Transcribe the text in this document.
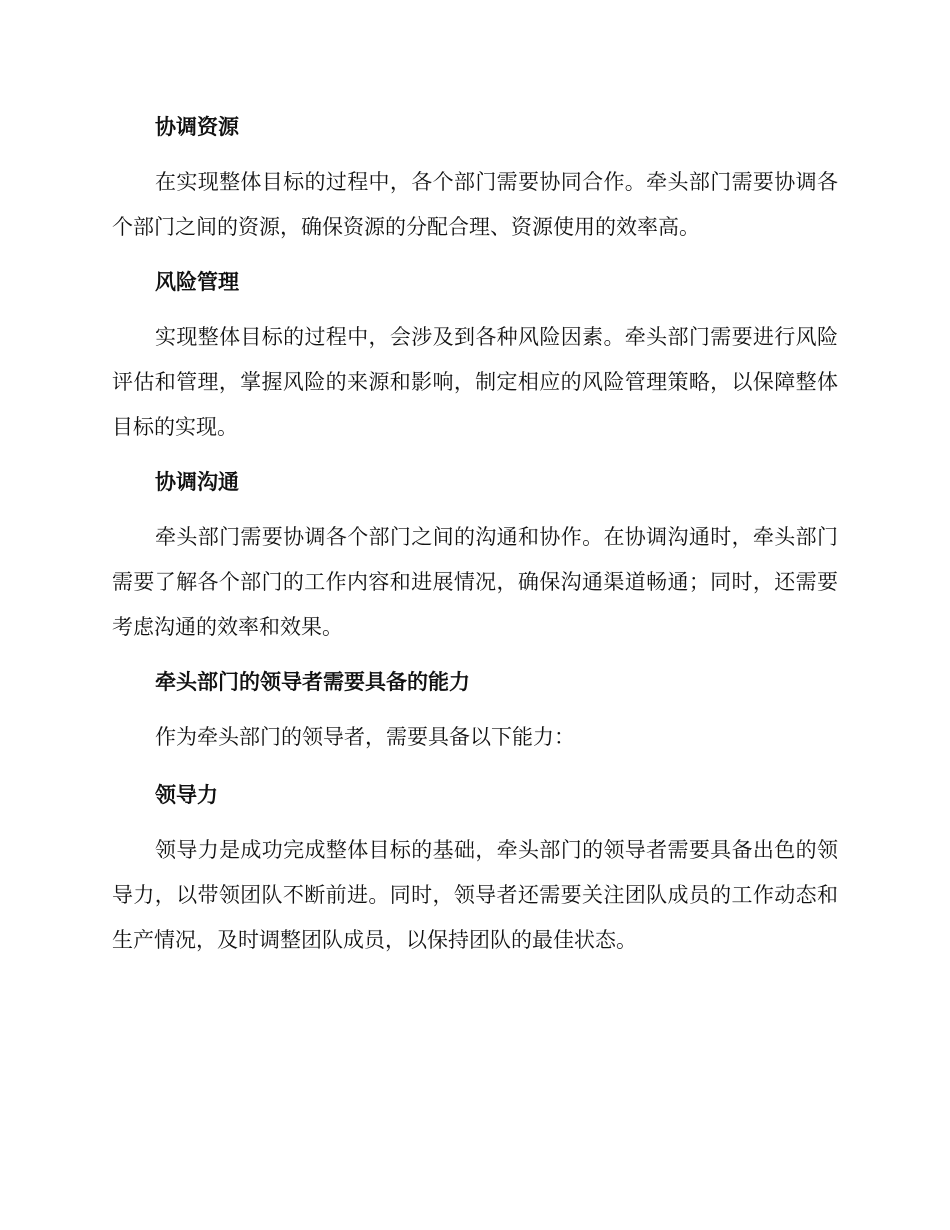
协调资源

在实现整体目标的过程中，各个部门需要协同合作。牵头部门需要协调各个部门之间的资源，确保资源的分配合理、资源使用的效率高。

风险管理

实现整体目标的过程中，会涉及到各种风险因素。牵头部门需要进行风险评估和管理，掌握风险的来源和影响，制定相应的风险管理策略，以保障整体目标的实现。

协调沟通

牵头部门需要协调各个部门之间的沟通和协作。在协调沟通时，牵头部门需要了解各个部门的工作内容和进展情况，确保沟通渠道畅通；同时，还需要考虑沟通的效率和效果。

牵头部门的领导者需要具备的能力

作为牵头部门的领导者，需要具备以下能力：

领导力

领导力是成功完成整体目标的基础，牵头部门的领导者需要具备出色的领导力，以带领团队不断前进。同时，领导者还需要关注团队成员的工作动态和生产情况，及时调整团队成员，以保持团队的最佳状态。
